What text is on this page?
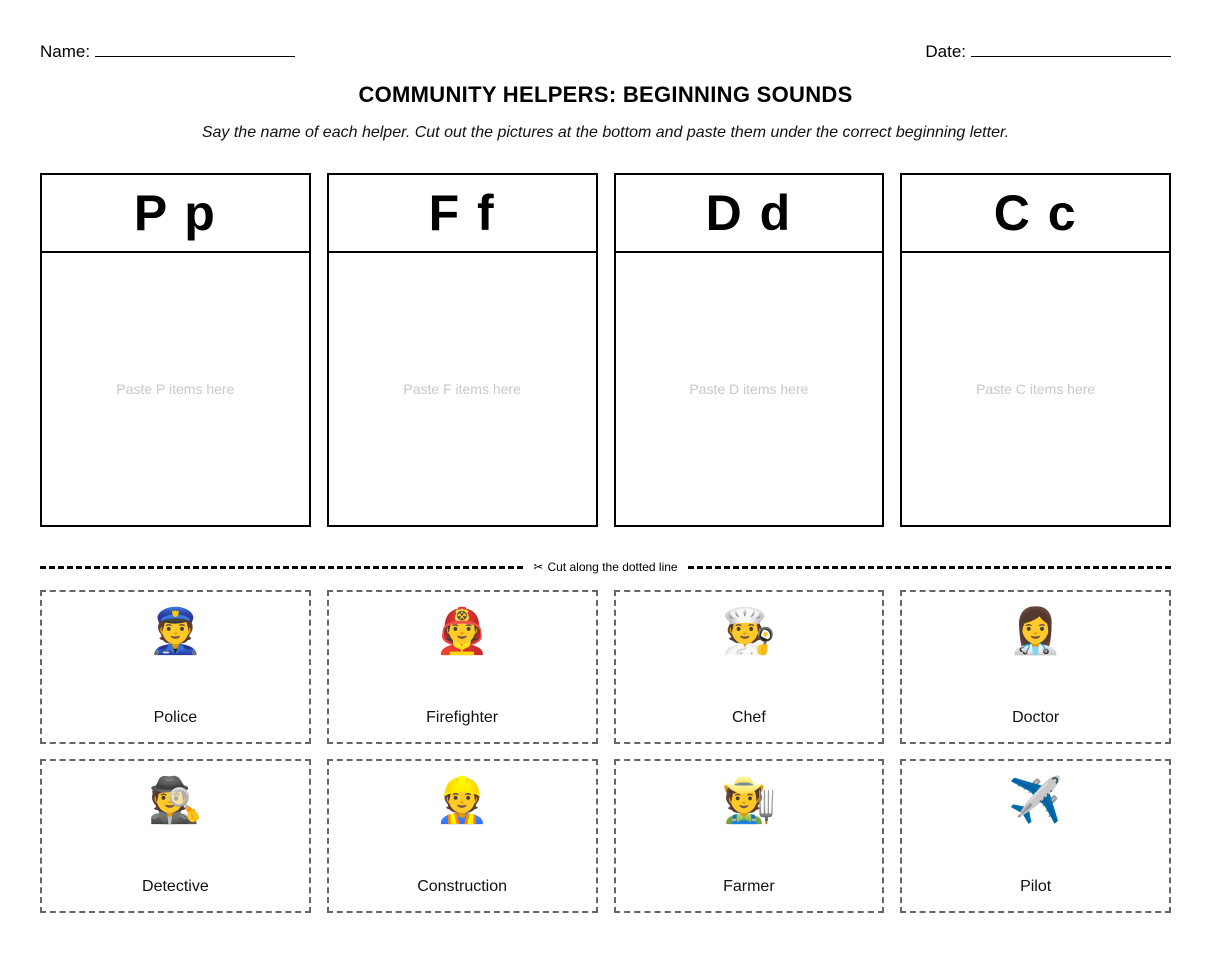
Name:	Date:
COMMUNITY HELPERS: BEGINNING SOUNDS
Say the name of each helper. Cut out the pictures at the bottom and paste them under the correct beginning letter.
P p
Paste P items here
F f
Paste F items here
D d
Paste D items here
C c
Paste C items here
✂ Cut along the dotted line
👮
Police
🧑‍🚒
Firefighter
🧑‍🍳
Chef
👩‍⚕️
Doctor
🕵
Detective
👷
Construction
🧑‍🌾
Farmer
✈️
Pilot
